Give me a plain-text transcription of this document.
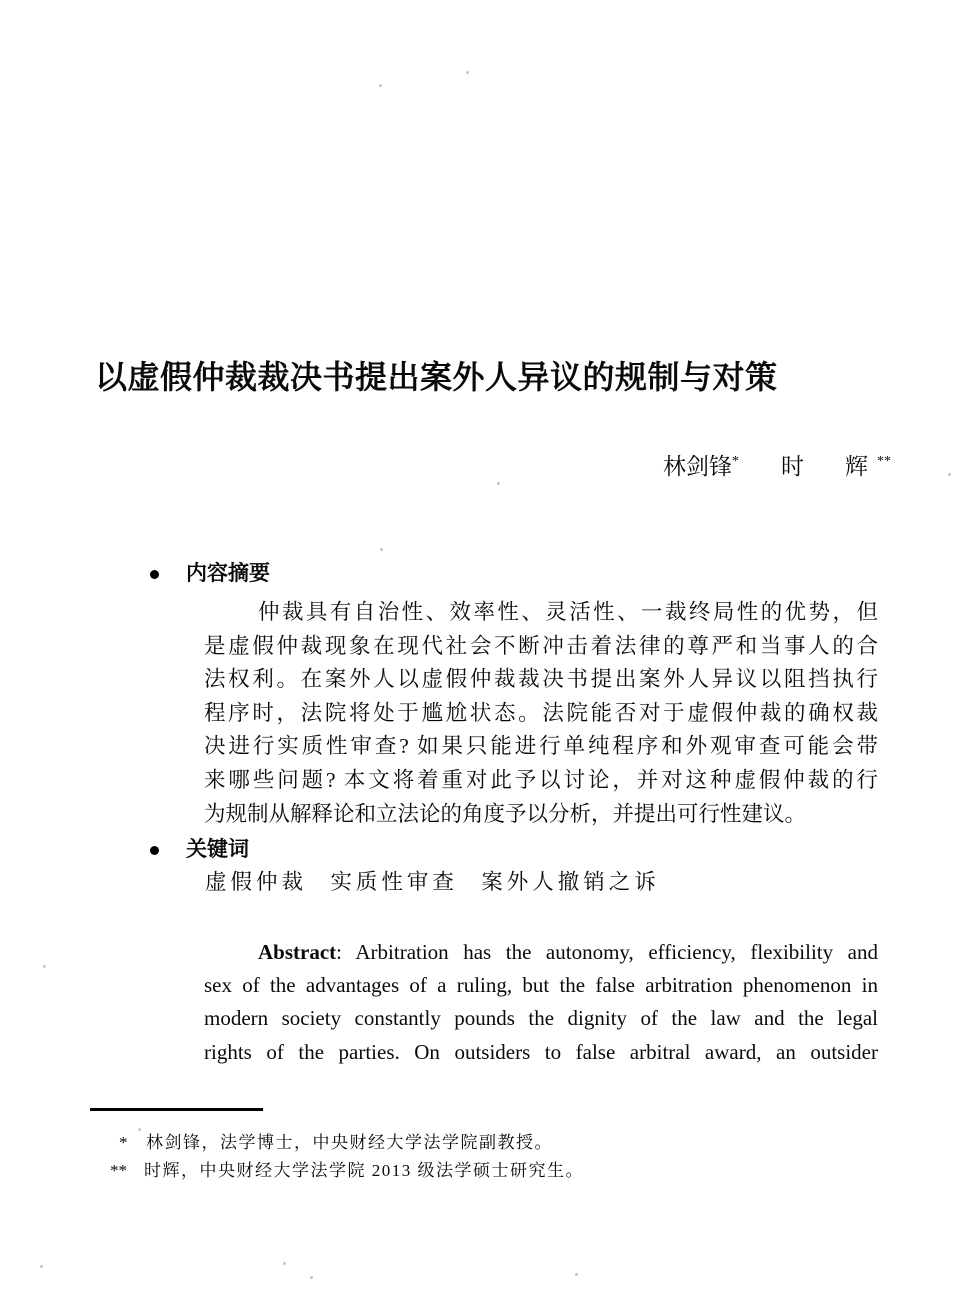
以虚假仲裁裁决书提出案外人异议的规制与对策
林剑锋* 时　辉**
内容摘要
仲裁具有自治性、效率性、灵活性、一裁终局性的优势，但
是虚假仲裁现象在现代社会不断冲击着法律的尊严和当事人的合
法权利。在案外人以虚假仲裁裁决书提出案外人异议以阻挡执行
程序时，法院将处于尴尬状态。法院能否对于虚假仲裁的确权裁
决进行实质性审查? 如果只能进行单纯程序和外观审查可能会带
来哪些问题? 本文将着重对此予以讨论，并对这种虚假仲裁的行
为规制从解释论和立法论的角度予以分析，并提出可行性建议。
关键词
虚假仲裁 实质性审查 案外人撤销之诉
Abstract: Arbitration has the autonomy, efficiency, flexibility and
sex of the advantages of a ruling, but the false arbitration phenomenon in
modern society constantly pounds the dignity of the law and the legal
rights of the parties. On outsiders to false arbitral award, an outsider
* 林剑锋，法学博士，中央财经大学法学院副教授。
** 时辉，中央财经大学法学院 2013 级法学硕士研究生。
